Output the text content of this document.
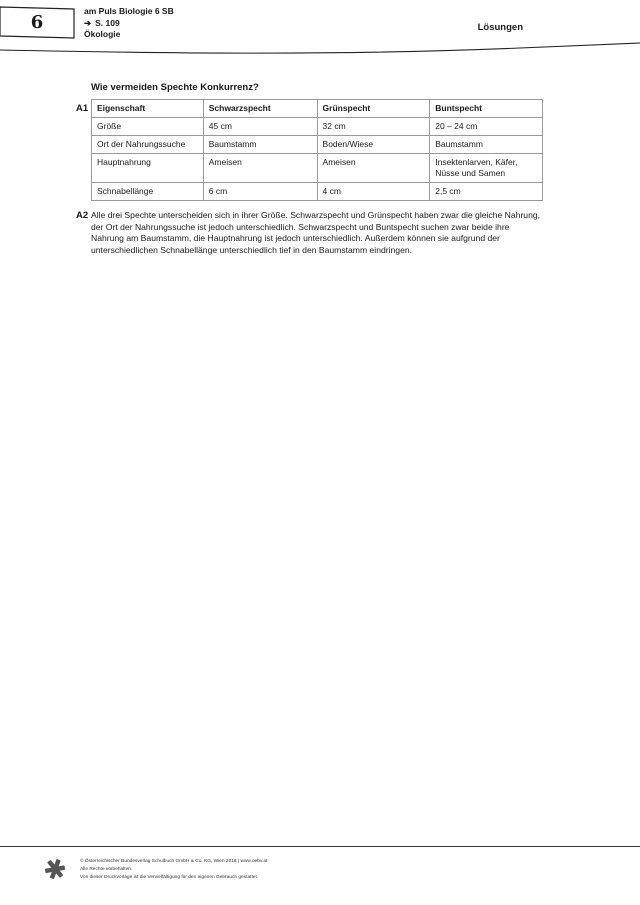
6
am Puls Biologie 6 SB
➔ S. 109
Ökologie
Lösungen
Wie vermeiden Spechte Konkurrenz?
A1 Eigenschaft	Schwarzspecht	Grünspecht	Buntspecht
Größe	45 cm	32 cm	20 – 24 cm
Ort der Nahrungssuche	Baumstamm	Boden/Wiese	Baumstamm
Hauptnahrung	Ameisen	Ameisen	Insektenlarven, Käfer, Nüsse und Samen
Schnabellänge	6 cm	4 cm	2,5 cm
A2 Alle drei Spechte unterscheiden sich in ihrer Größe. Schwarzspecht und Grünspecht haben zwar die gleiche Nahrung, der Ort der Nahrungssuche ist jedoch unterschiedlich. Schwarzspecht und Buntspecht suchen zwar beide ihre Nahrung am Baumstamm, die Hauptnahrung ist jedoch unterschiedlich. Außerdem können sie aufgrund der unterschiedlichen Schnabellänge unterschiedlich tief in den Baumstamm eindringen.

© Österreichischer Bundesverlag Schulbuch GmbH & Co. KG, Wien 2018 | www.oebv.at
Alle Rechte vorbehalten.
Von dieser Druckvorlage ist die Vervielfältigung für den eigenen Gebrauch gestattet.
